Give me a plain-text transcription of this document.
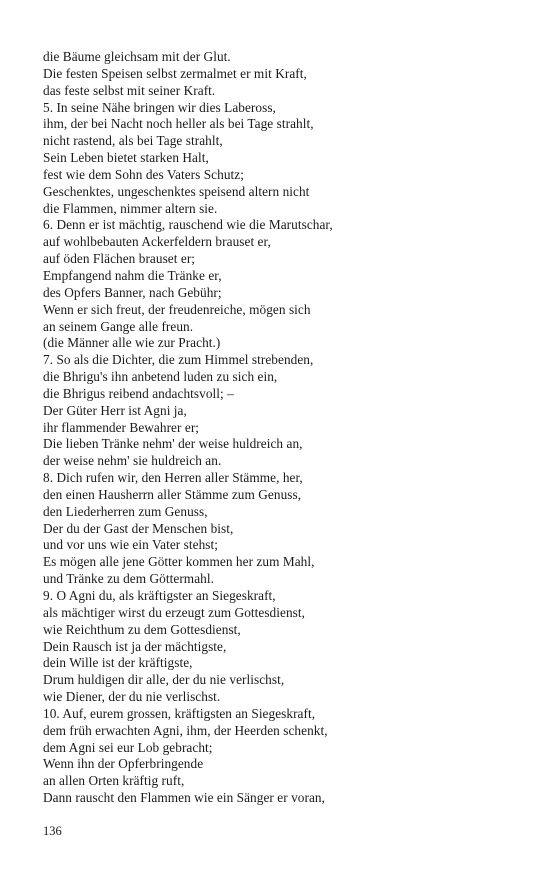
die Bäume gleichsam mit der Glut.
Die festen Speisen selbst zermalmet er mit Kraft,
das feste selbst mit seiner Kraft.
5. In seine Nähe bringen wir dies Labeross,
ihm, der bei Nacht noch heller als bei Tage strahlt,
nicht rastend, als bei Tage strahlt,
Sein Leben bietet starken Halt,
fest wie dem Sohn des Vaters Schutz;
Geschenktes, ungeschenktes speisend altern nicht
die Flammen, nimmer altern sie.
6. Denn er ist mächtig, rauschend wie die Marutschar,
auf wohlbebauten Ackerfeldern brauset er,
auf öden Flächen brauset er;
Empfangend nahm die Tränke er,
des Opfers Banner, nach Gebühr;
Wenn er sich freut, der freudenreiche, mögen sich
an seinem Gange alle freun.
(die Männer alle wie zur Pracht.)
7. So als die Dichter, die zum Himmel strebenden,
die Bhrigu's ihn anbetend luden zu sich ein,
die Bhrigus reibend andachtsvoll; –
Der Güter Herr ist Agni ja,
ihr flammender Bewahrer er;
Die lieben Tränke nehm' der weise huldreich an,
der weise nehm' sie huldreich an.
8. Dich rufen wir, den Herren aller Stämme, her,
den einen Hausherrn aller Stämme zum Genuss,
den Liederherren zum Genuss,
Der du der Gast der Menschen bist,
und vor uns wie ein Vater stehst;
Es mögen alle jene Götter kommen her zum Mahl,
und Tränke zu dem Göttermahl.
9. O Agni du, als kräftigster an Siegeskraft,
als mächtiger wirst du erzeugt zum Gottesdienst,
wie Reichthum zu dem Gottesdienst,
Dein Rausch ist ja der mächtigste,
dein Wille ist der kräftigste,
Drum huldigen dir alle, der du nie verlischst,
wie Diener, der du nie verlischst.
10. Auf, eurem grossen, kräftigsten an Siegeskraft,
dem früh erwachten Agni, ihm, der Heerden schenkt,
dem Agni sei eur Lob gebracht;
Wenn ihn der Opferbringende
an allen Orten kräftig ruft,
Dann rauscht den Flammen wie ein Sänger er voran,
136
